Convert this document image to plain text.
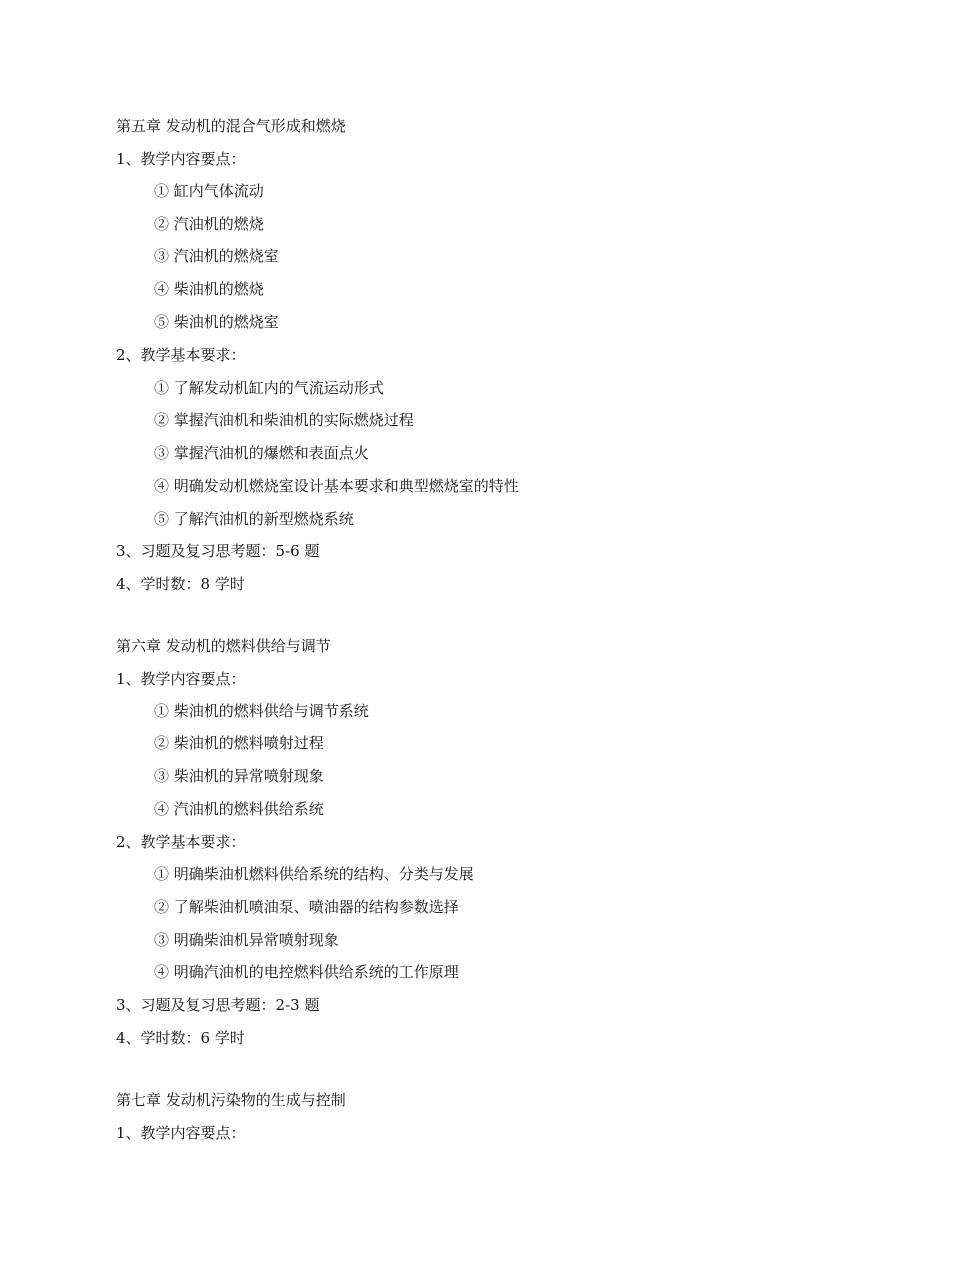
第五章 发动机的混合气形成和燃烧
1、教学内容要点：
① 缸内气体流动
② 汽油机的燃烧
③ 汽油机的燃烧室
④ 柴油机的燃烧
⑤ 柴油机的燃烧室
2、教学基本要求：
① 了解发动机缸内的气流运动形式
② 掌握汽油机和柴油机的实际燃烧过程
③ 掌握汽油机的爆燃和表面点火
④ 明确发动机燃烧室设计基本要求和典型燃烧室的特性
⑤ 了解汽油机的新型燃烧系统
3、习题及复习思考题：5-6 题
4、学时数：8 学时
第六章 发动机的燃料供给与调节
1、教学内容要点：
① 柴油机的燃料供给与调节系统
② 柴油机的燃料喷射过程
③ 柴油机的异常喷射现象
④ 汽油机的燃料供给系统
2、教学基本要求：
① 明确柴油机燃料供给系统的结构、分类与发展
② 了解柴油机喷油泵、喷油器的结构参数选择
③ 明确柴油机异常喷射现象
④ 明确汽油机的电控燃料供给系统的工作原理
3、习题及复习思考题：2-3 题
4、学时数：6 学时
第七章 发动机污染物的生成与控制
1、教学内容要点：
